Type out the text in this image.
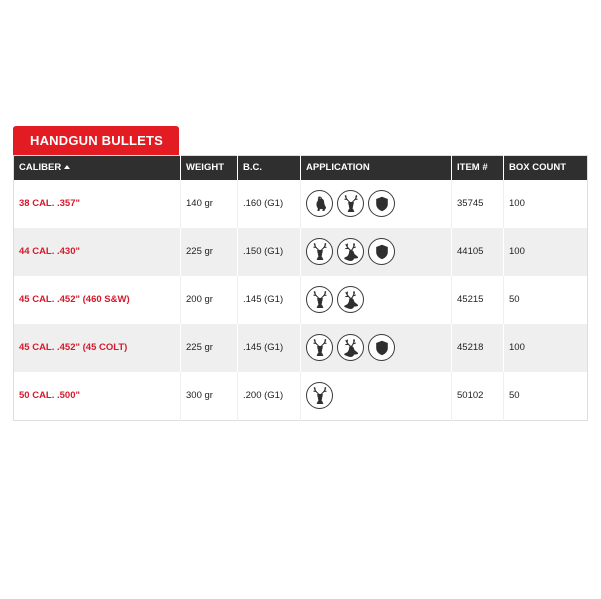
HANDGUN BULLETS
CALIBER	WEIGHT	B.C.	APPLICATION	ITEM #	BOX COUNT
38 CAL. .357"	140 gr	.160 (G1)		35745	100
44 CAL. .430"	225 gr	.150 (G1)		44105	100
45 CAL. .452" (460 S&W)	200 gr	.145 (G1)		45215	50
45 CAL. .452" (45 COLT)	225 gr	.145 (G1)		45218	100
50 CAL. .500"	300 gr	.200 (G1)		50102	50
